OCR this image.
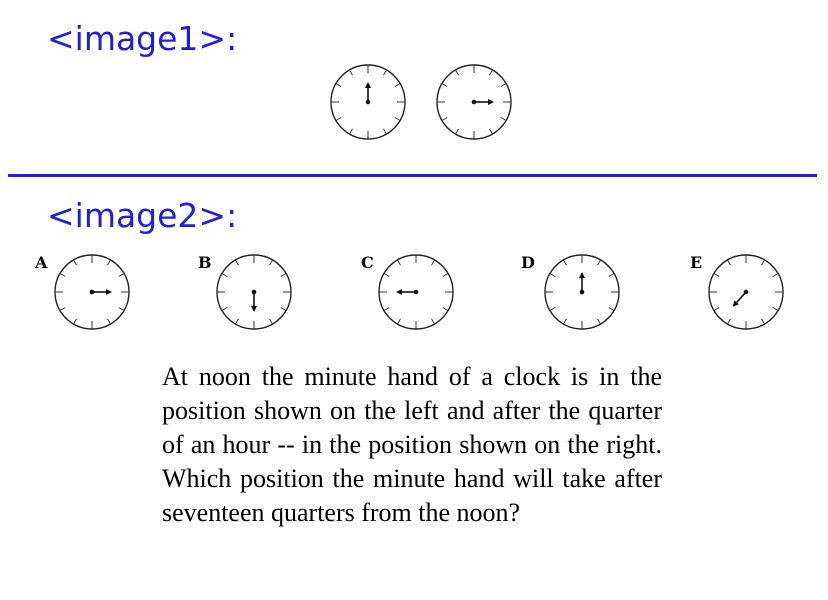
<image1>:
<image2>:
A	B	C	D	E
At noon the minute hand of a clock is in the position shown on the left and after the quarter of an hour -- in the position shown on the right. Which position the minute hand will take after seventeen quarters from the noon?
